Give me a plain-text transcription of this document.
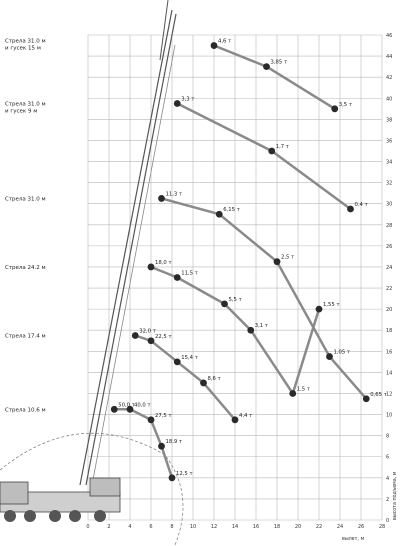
4,6 т
3,85 т
3,5 т
Стрела 31.0 м и гусек 15 м
3,3 т
1,7 т
0,4 т
Стрела 31.0 м и гусек 9 м
11,3 т
6,15 т
2,5 т
1,05 т
0,65 т
Стрела 31.0 м
18,0 т
11,5 т
5,5 т
3,1 т
1,5 т
1,55 т
Стрела 24.2 м
32,0 т
22,5 т
15,4 т
8,6 т
4,4 т
Стрела 17.4 м
50,0 т 40,0 т
27,5 т
18,9 т
12,5 т
Стрела 10.6 м
0	2	4	6	8	10	12	14	16	18	20	22	24	26	28
0
2
4
6
8
10
12
14
16
18
20
22
24
26
28
30
32
34
36
38
40
42
44
46
вылет, м
высота подъема, м
